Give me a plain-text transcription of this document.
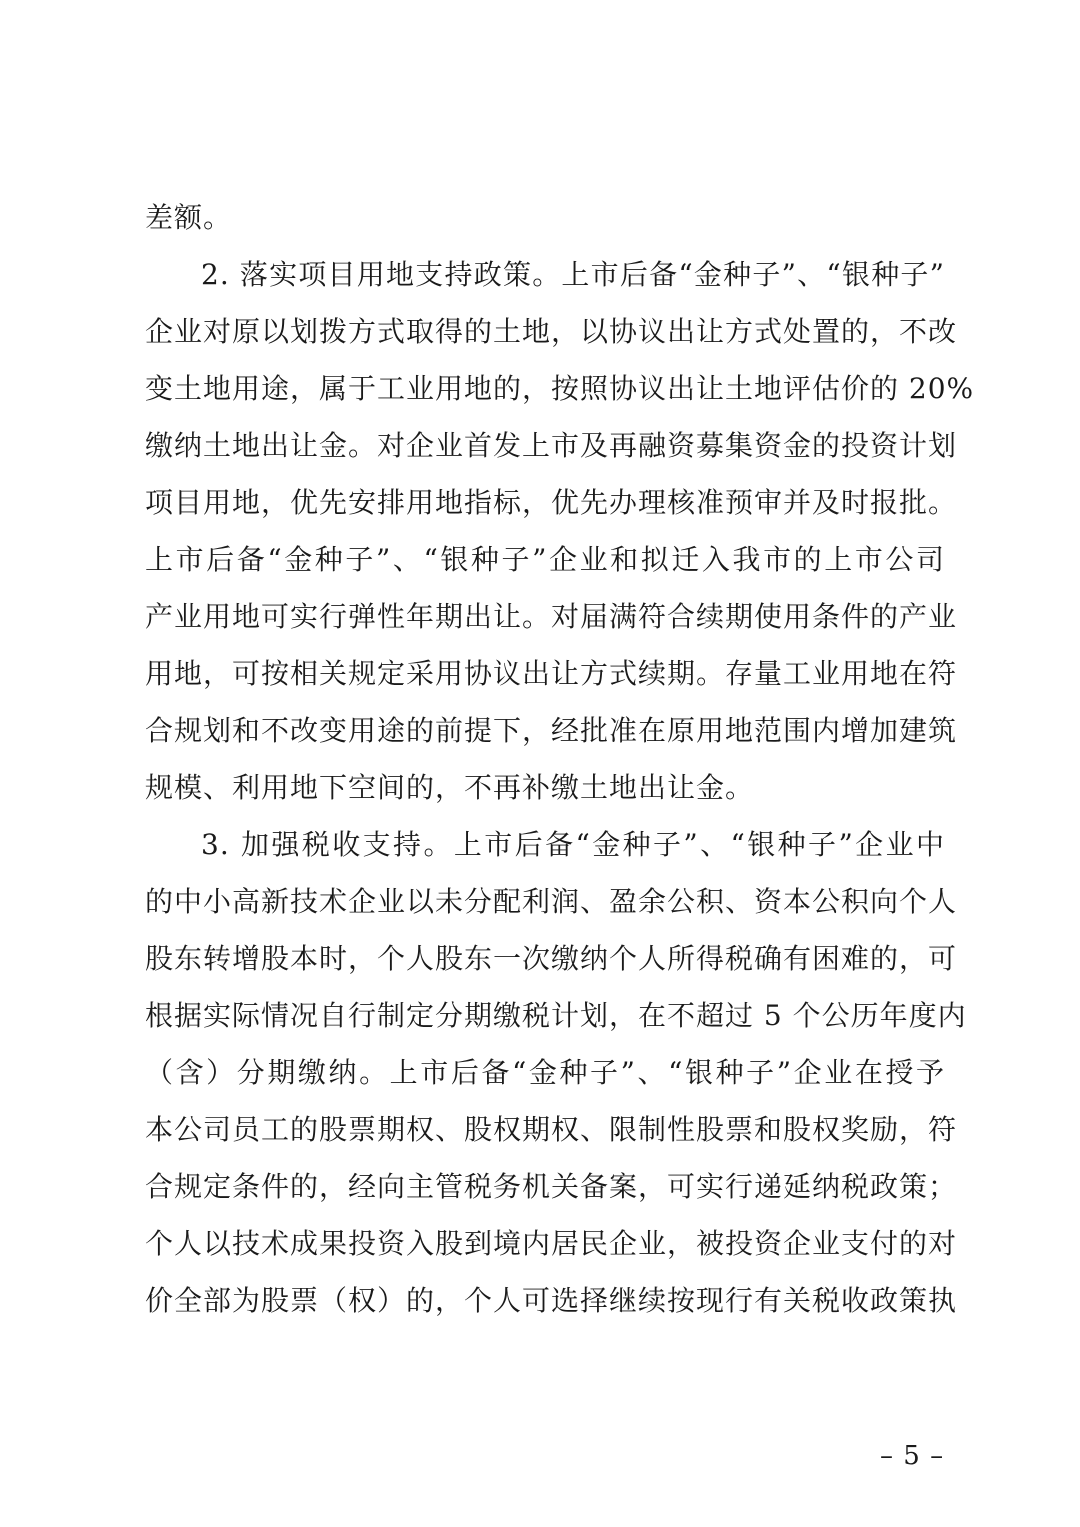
差额。
2. 落实项目用地支持政策。上市后备“金种子”、“银种子”
企业对原以划拨方式取得的土地，以协议出让方式处置的，不改
变土地用途，属于工业用地的，按照协议出让土地评估价的 20%
缴纳土地出让金。对企业首发上市及再融资募集资金的投资计划
项目用地，优先安排用地指标，优先办理核准预审并及时报批。
上市后备“金种子”、“银种子”企业和拟迁入我市的上市公司
产业用地可实行弹性年期出让。对届满符合续期使用条件的产业
用地，可按相关规定采用协议出让方式续期。存量工业用地在符
合规划和不改变用途的前提下，经批准在原用地范围内增加建筑
规模、利用地下空间的，不再补缴土地出让金。
3. 加强税收支持。上市后备“金种子”、“银种子”企业中
的中小高新技术企业以未分配利润、盈余公积、资本公积向个人
股东转增股本时，个人股东一次缴纳个人所得税确有困难的，可
根据实际情况自行制定分期缴税计划，在不超过 5 个公历年度内
（含）分期缴纳。上市后备“金种子”、“银种子”企业在授予
本公司员工的股票期权、股权期权、限制性股票和股权奖励，符
合规定条件的，经向主管税务机关备案，可实行递延纳税政策；
个人以技术成果投资入股到境内居民企业，被投资企业支付的对
价全部为股票（权）的，个人可选择继续按现行有关税收政策执
– 5 –
